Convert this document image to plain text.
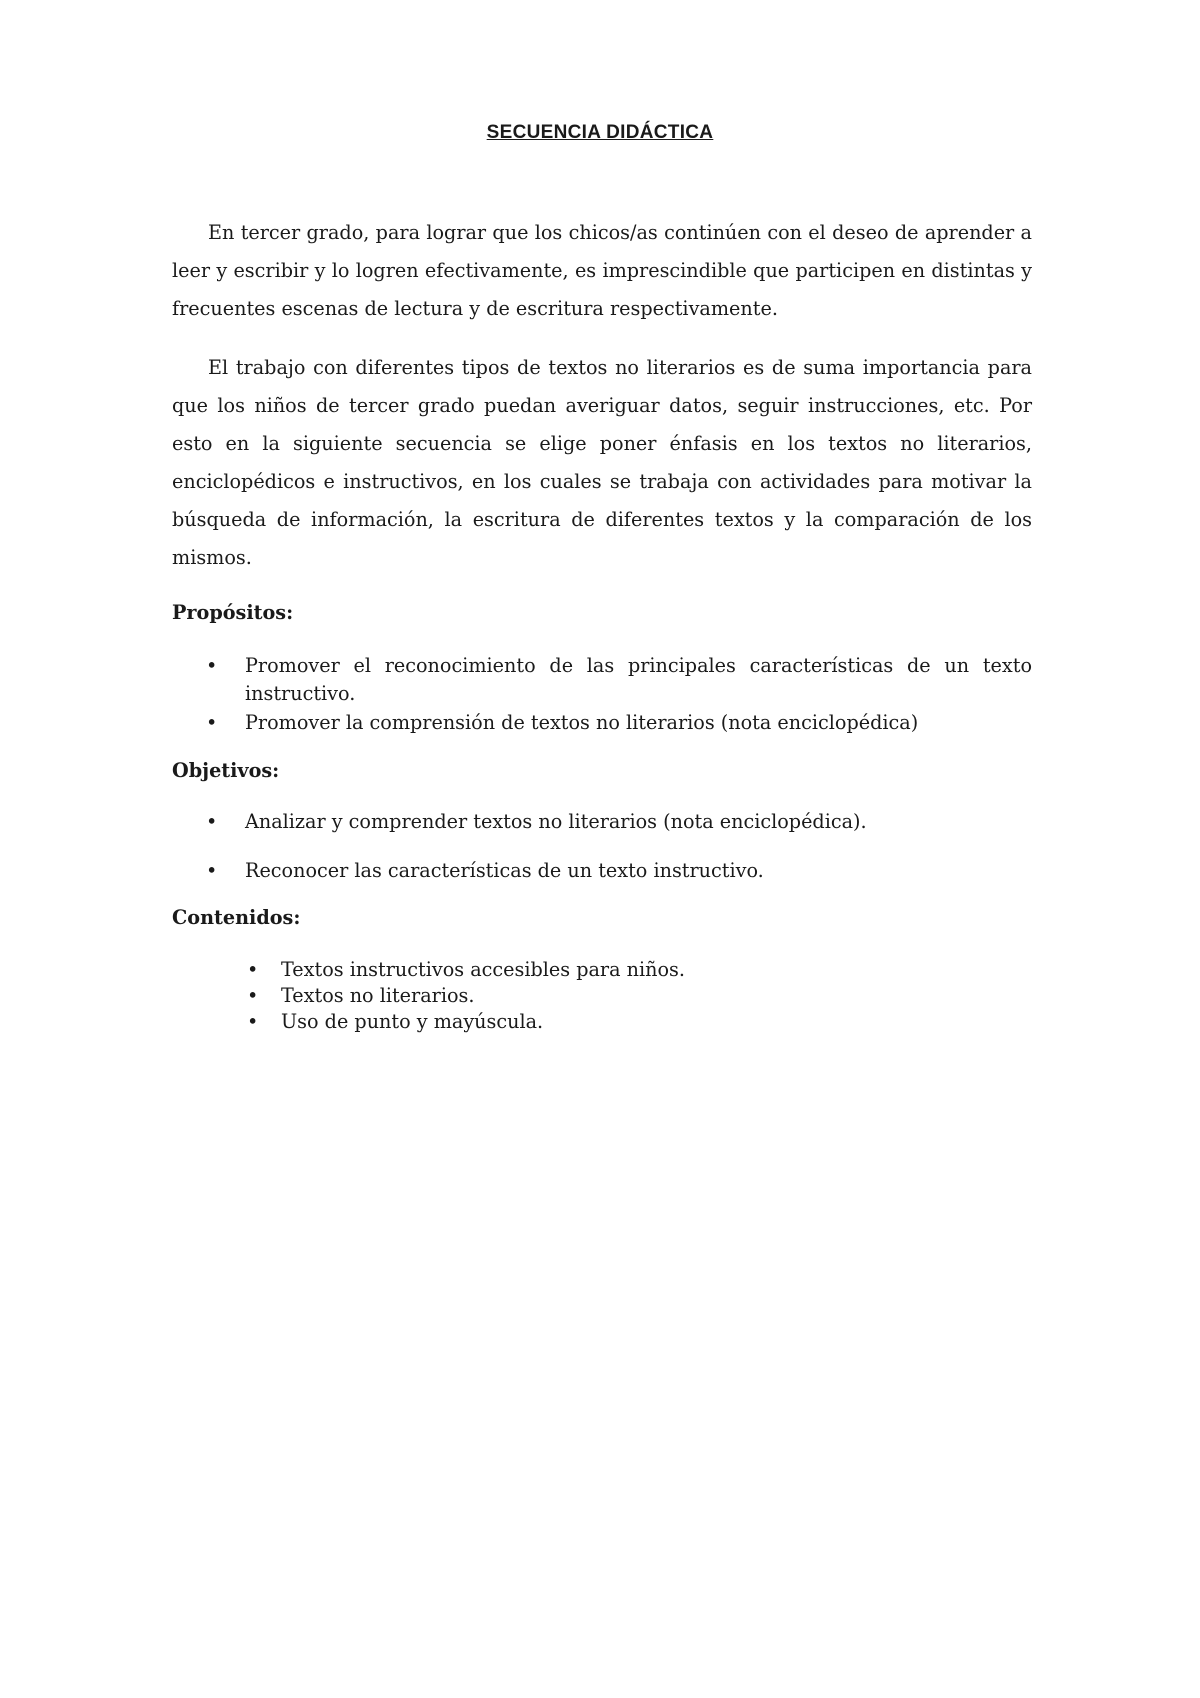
SECUENCIA DIDÁCTICA

En tercer grado, para lograr que los chicos/as continúen con el deseo de aprender a leer y escribir y lo logren efectivamente, es imprescindible que participen en distintas y frecuentes escenas de lectura y de escritura respectivamente.

El trabajo con diferentes tipos de textos no literarios es de suma importancia para que los niños de tercer grado puedan averiguar datos, seguir instrucciones, etc. Por esto en la siguiente secuencia se elige poner énfasis en los textos no literarios, enciclopédicos e instructivos, en los cuales se trabaja con actividades para motivar la búsqueda de información, la escritura de diferentes textos y la comparación de los mismos.

Propósitos:
• Promover el reconocimiento de las principales características de un texto instructivo.
• Promover la comprensión de textos no literarios (nota enciclopédica)
Objetivos:
• Analizar y comprender textos no literarios (nota enciclopédica).
• Reconocer las características de un texto instructivo.
Contenidos:
• Textos instructivos accesibles para niños.
• Textos no literarios.
• Uso de punto y mayúscula.
